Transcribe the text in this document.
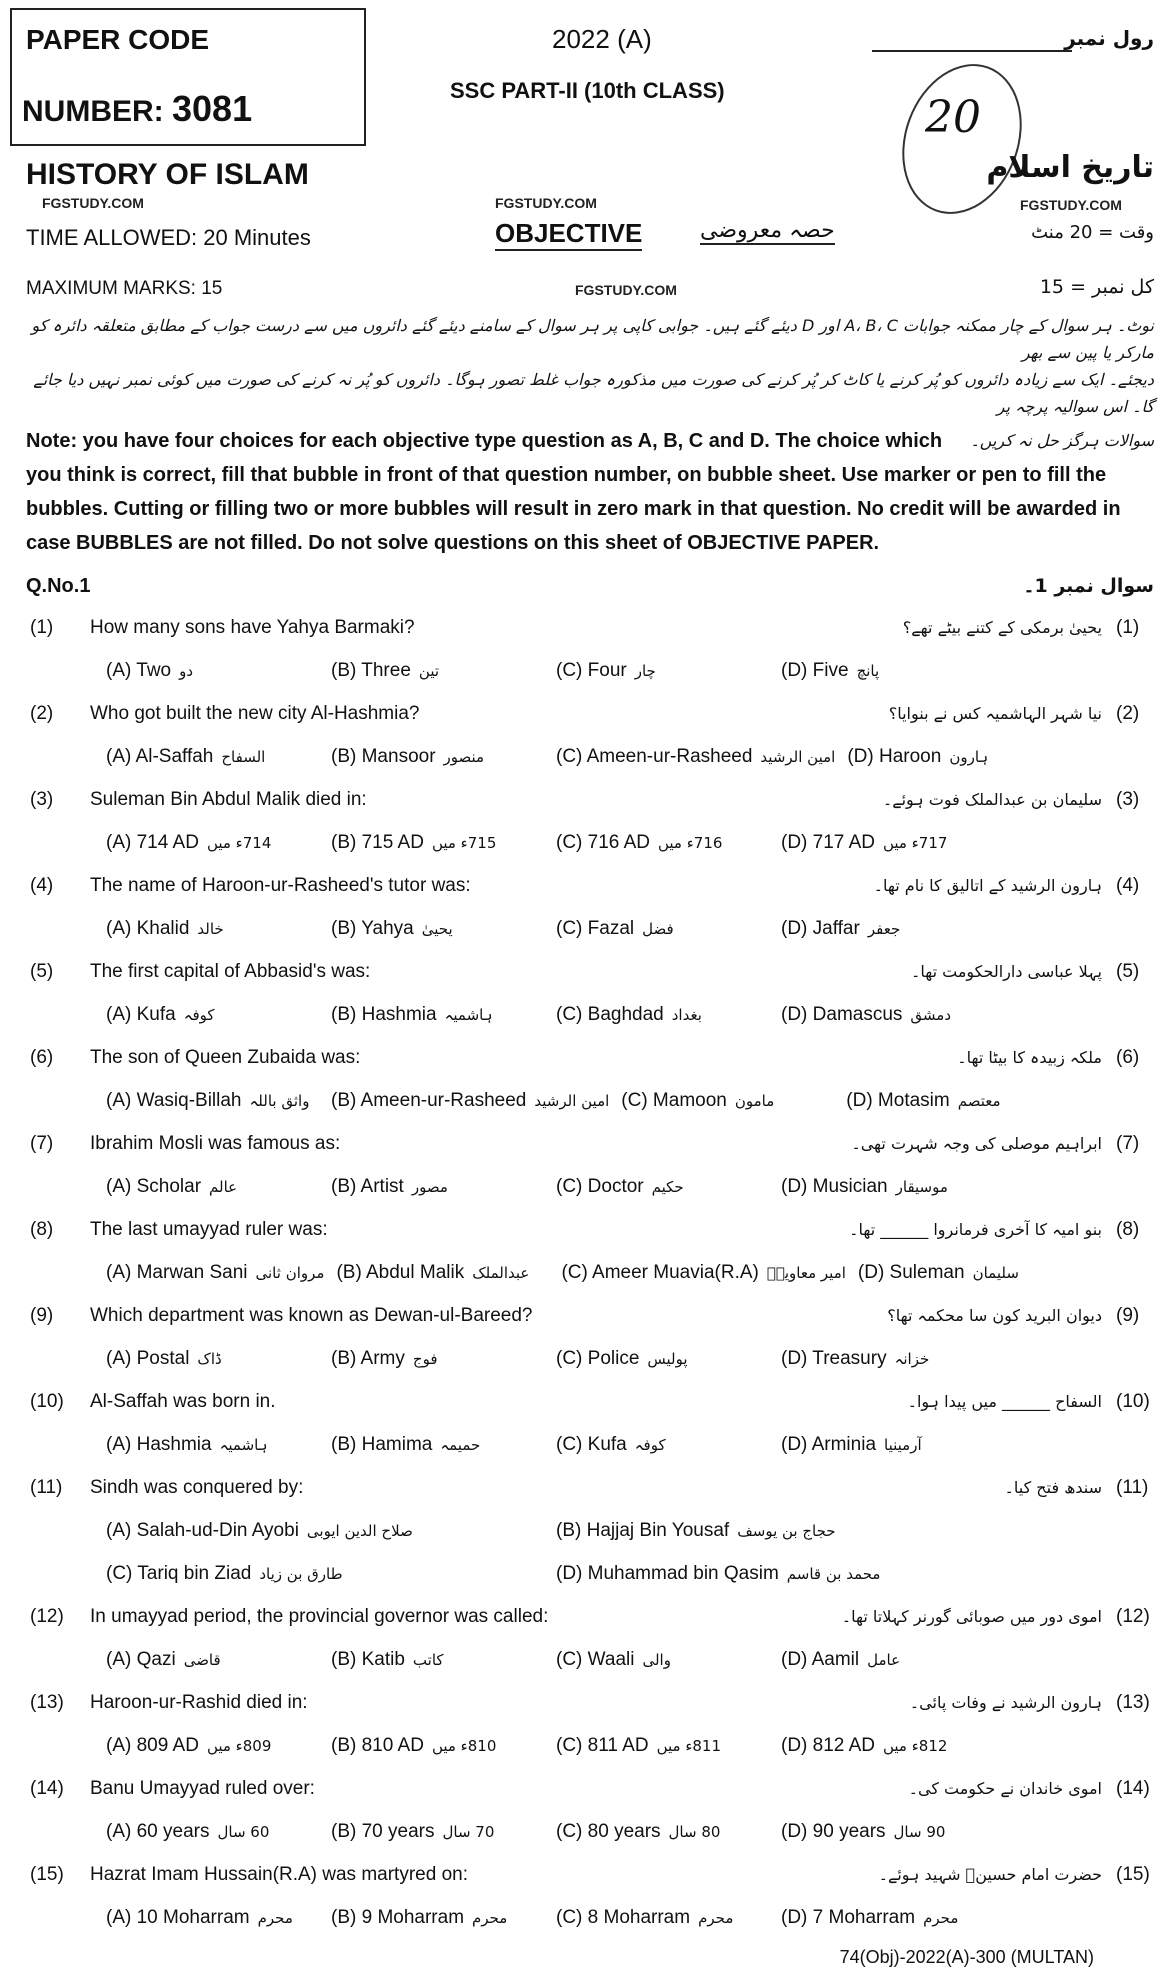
PAPER CODE
NUMBER: 3081
2022 (A)
SSC PART-II (10th CLASS)
رول نمبر
20
HISTORY OF ISLAM	تاریخ اسلام
FGSTUDY.COM	FGSTUDY.COM	FGSTUDY.COM
TIME ALLOWED: 20 Minutes	OBJECTIVE	حصہ معروضی	وقت = 20 منٹ
MAXIMUM MARKS: 15	FGSTUDY.COM	کل نمبر = 15
نوٹ۔ ہر سوال کے چار ممکنہ جوابات A، B، C اور D دیئے گئے ہیں۔ جوابی کاپی پر ہر سوال کے سامنے دیئے گئے دائروں میں سے درست جواب کے مطابق متعلقہ دائرہ کو مارکر یا پین سے بھر
دیجئے۔ ایک سے زیادہ دائروں کو پُر کرنے یا کاٹ کر پُر کرنے کی صورت میں مذکورہ جواب غلط تصور ہوگا۔ دائروں کو پُر نہ کرنے کی صورت میں کوئی نمبر نہیں دیا جائے گا۔ اس سوالیہ پرچہ پر
سوالات ہرگز حل نہ کریں۔
Note: you have four choices for each objective type question as A, B, C and D. The choice which you think is correct, fill that bubble in front of that question number, on bubble sheet. Use marker or pen to fill the bubbles. Cutting or filling two or more bubbles will result in zero mark in that question. No credit will be awarded in case BUBBLES are not filled. Do not solve questions on this sheet of OBJECTIVE PAPER.
Q.No.1	سوال نمبر 1۔
(1)	How many sons have Yahya Barmaki?	یحییٰ برمکی کے کتنے بیٹے تھے؟ (1)
(A) Two دو	(B) Three تین	(C) Four چار	(D) Five پانچ
(2)	Who got built the new city Al-Hashmia?	نیا شہر الہاشمیہ کس نے بنوایا؟ (2)
(A) Al-Saffah السفاح	(B) Mansoor منصور	(C) Ameen-ur-Rasheed امین الرشید (D) Haroon ہارون
(3)	Suleman Bin Abdul Malik died in:	سلیمان بن عبدالملک فوت ہوئے۔ (3)
(A) 714 AD 714ء میں	(B) 715 AD 715ء میں	(C) 716 AD 716ء میں	(D) 717 AD 717ء میں
(4)	The name of Haroon-ur-Rasheed's tutor was:	ہارون الرشید کے اتالیق کا نام تھا۔ (4)
(A) Khalid خالد	(B) Yahya یحییٰ	(C) Fazal فضل	(D) Jaffar جعفر
(5)	The first capital of Abbasid's was:	پہلا عباسی دارالحکومت تھا۔ (5)
(A) Kufa کوفہ	(B) Hashmia ہاشمیہ	(C) Baghdad بغداد	(D) Damascus دمشق
(6)	The son of Queen Zubaida was:	ملکہ زبیدہ کا بیٹا تھا۔ (6)
(A) Wasiq-Billah واثق باللہ	(B) Ameen-ur-Rasheed امین الرشید (C) Mamoon مامون	(D) Motasim معتصم
(7)	Ibrahim Mosli was famous as:	ابراہیم موصلی کی وجہ شہرت تھی۔ (7)
(A) Scholar عالم	(B) Artist مصور	(C) Doctor حکیم	(D) Musician موسیقار
(8)	The last umayyad ruler was:	بنو امیہ کا آخری فرمانروا ______ تھا۔ (8)
(A) Marwan Sani مروان ثانی (B) Abdul Malik عبدالملک	(C) Ameer Muavia(R.A) امیر معاویہؓ (D) Suleman سلیمان
(9)	Which department was known as Dewan-ul-Bareed?	دیوان البرید کون سا محکمہ تھا؟ (9)
(A) Postal ڈاک	(B) Army فوج	(C) Police پولیس	(D) Treasury خزانہ
(10)	Al-Saffah was born in.	السفاح ______ میں پیدا ہوا۔ (10)
(A) Hashmia ہاشمیہ	(B) Hamima حمیمہ	(C) Kufa کوفہ	(D) Arminia آرمینیا
(11)	Sindh was conquered by:	سندھ فتح کیا۔ (11)
(A) Salah-ud-Din Ayobi صلاح الدین ایوبی	(B) Hajjaj Bin Yousaf حجاج بن یوسف
(C) Tariq bin Ziad طارق بن زیاد	(D) Muhammad bin Qasim محمد بن قاسم
(12)	In umayyad period, the provincial governor was called:	اموی دور میں صوبائی گورنر کہلاتا تھا۔ (12)
(A) Qazi قاضی	(B) Katib کاتب	(C) Waali والی	(D) Aamil عامل
(13)	Haroon-ur-Rashid died in:	ہارون الرشید نے وفات پائی۔ (13)
(A) 809 AD 809ء میں	(B) 810 AD 810ء میں	(C) 811 AD 811ء میں	(D) 812 AD 812ء میں
(14)	Banu Umayyad ruled over:	اموی خاندان نے حکومت کی۔ (14)
(A) 60 years 60 سال	(B) 70 years 70 سال	(C) 80 years 80 سال	(D) 90 years 90 سال
(15)	Hazrat Imam Hussain(R.A) was martyred on:	حضرت امام حسینؓ شہید ہوئے۔ (15)
(A) 10 Moharram محرم	(B) 9 Moharram محرم	(C) 8 Moharram محرم	(D) 7 Moharram محرم
74(Obj)-2022(A)-300 (MULTAN)
